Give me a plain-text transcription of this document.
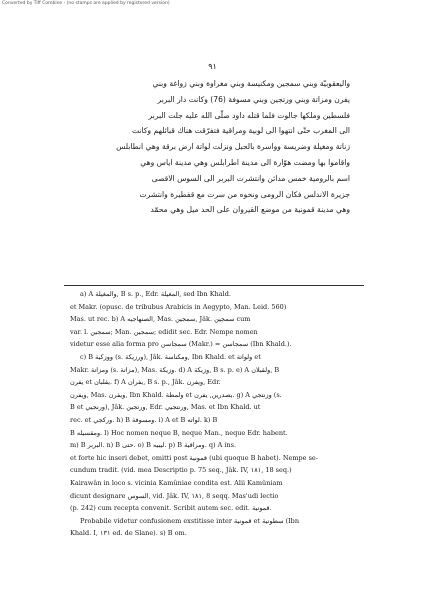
Converted by Tiff Combine - (no stamps are applied by registered version)
٩١
واليعقوبيّة وبني سمجين ومكنيسة وبني مغراوة وبني زواغة وبني
يفرن ومزاتة وبني ورتجين وبني مسوفة (76) وكانت دار البربر
فلسطين وملكها جالوت فلما قتله داود صلّى الله عليه جلت البربر
الى المغرب حتّى انتهوا الى لوبية ومراقية فتفرّقت هناك قبائلهم وكانت
زناتة ومغيلة وضريسة وواسرة بالجبل ونزلت لواتة ارض برقة وهي انطابلس
واقاموا بها ومضت هوّارة الى مدينة اطرابلس وهي مدينة اياس وهي
اسم بالرومية خمس مدائن وانتشرت البربر الى السوس الاقصى
جزيرة الاندلس فكان الرومى ونحوه من سرت مع قفطيرة وانتشرت
وهي مدينة قمونية من موضع القيروان على الحد ميل وهي محمّد
a) A والمغيلة, B s. p., Edr. المغيلة, sed Ibn Khald.
et Makr. (opusc. de tribubus Arabicis in Aegypto, Man. Leid. 560)
Mas. ut rec. b) A الصنهاجيه, Mas. سمجين, Jâk. سمجين cum
var. l. سمجين; Man. سمجين; edidit sec. Edr. Nempe nomen
videtur esse alia forma pro سمجاسن (Makr.) = سمجاسن (Ibn Khald.).
c) B ووزكية (s. ورزيكة), Jâk. ومكناسة, Ibn Khald. et ولواتة et
Makr. ومزاتة (s. مزاتة), Mas. وزيكة. d) A وزيكة, B s. p. e) A ولقبلان, B
يفرن et يقلبان. f) A بفران, B s. p., Jâk. ويفرن, Edr.
ويفرن, Mas. ويفرن, Ibn Khald. ولمطة et يصدرين, يفرن. g) A وزنتجي (s.
B et ورنجيي), Jâk. ورتجين, Edr. ورنتجيي, Mas. et Ibn Khald. ut
rec. et وركجي. h) B ومسوفة. i) A et B لواته. k) B
B ومقسيله. l) Hoc nomen neque B, neque Man., neque Edr. habent.
m) B البربر. n) B حتى. o) B ليبيه. p) B ومراقية. q) A ins.
et forte hic inseri debet, omitti post قمونية (ubi quoque B habet). Nempe se-
cundum tradit. (vid. mea Descriptio p. 75 seq., Jâk. IV, ۱۸۱, 18 seq.)
Kairawân in loco s. vicinia Kamûniae condita est. Alii Kamûniam
dicunt designare السوس, vid. Jâk. IV, ۱۸۱, 8 seqq. Masʿudi lectio
(p. 242) cum recepta convenit. Scribit autem sec. edit. قمونية.
Probabile videtur confusionem exstitisse inter قمونية et سطونية (Ibn
Khald. I, ۱۳۱ ed. de Slane). s) B om.
